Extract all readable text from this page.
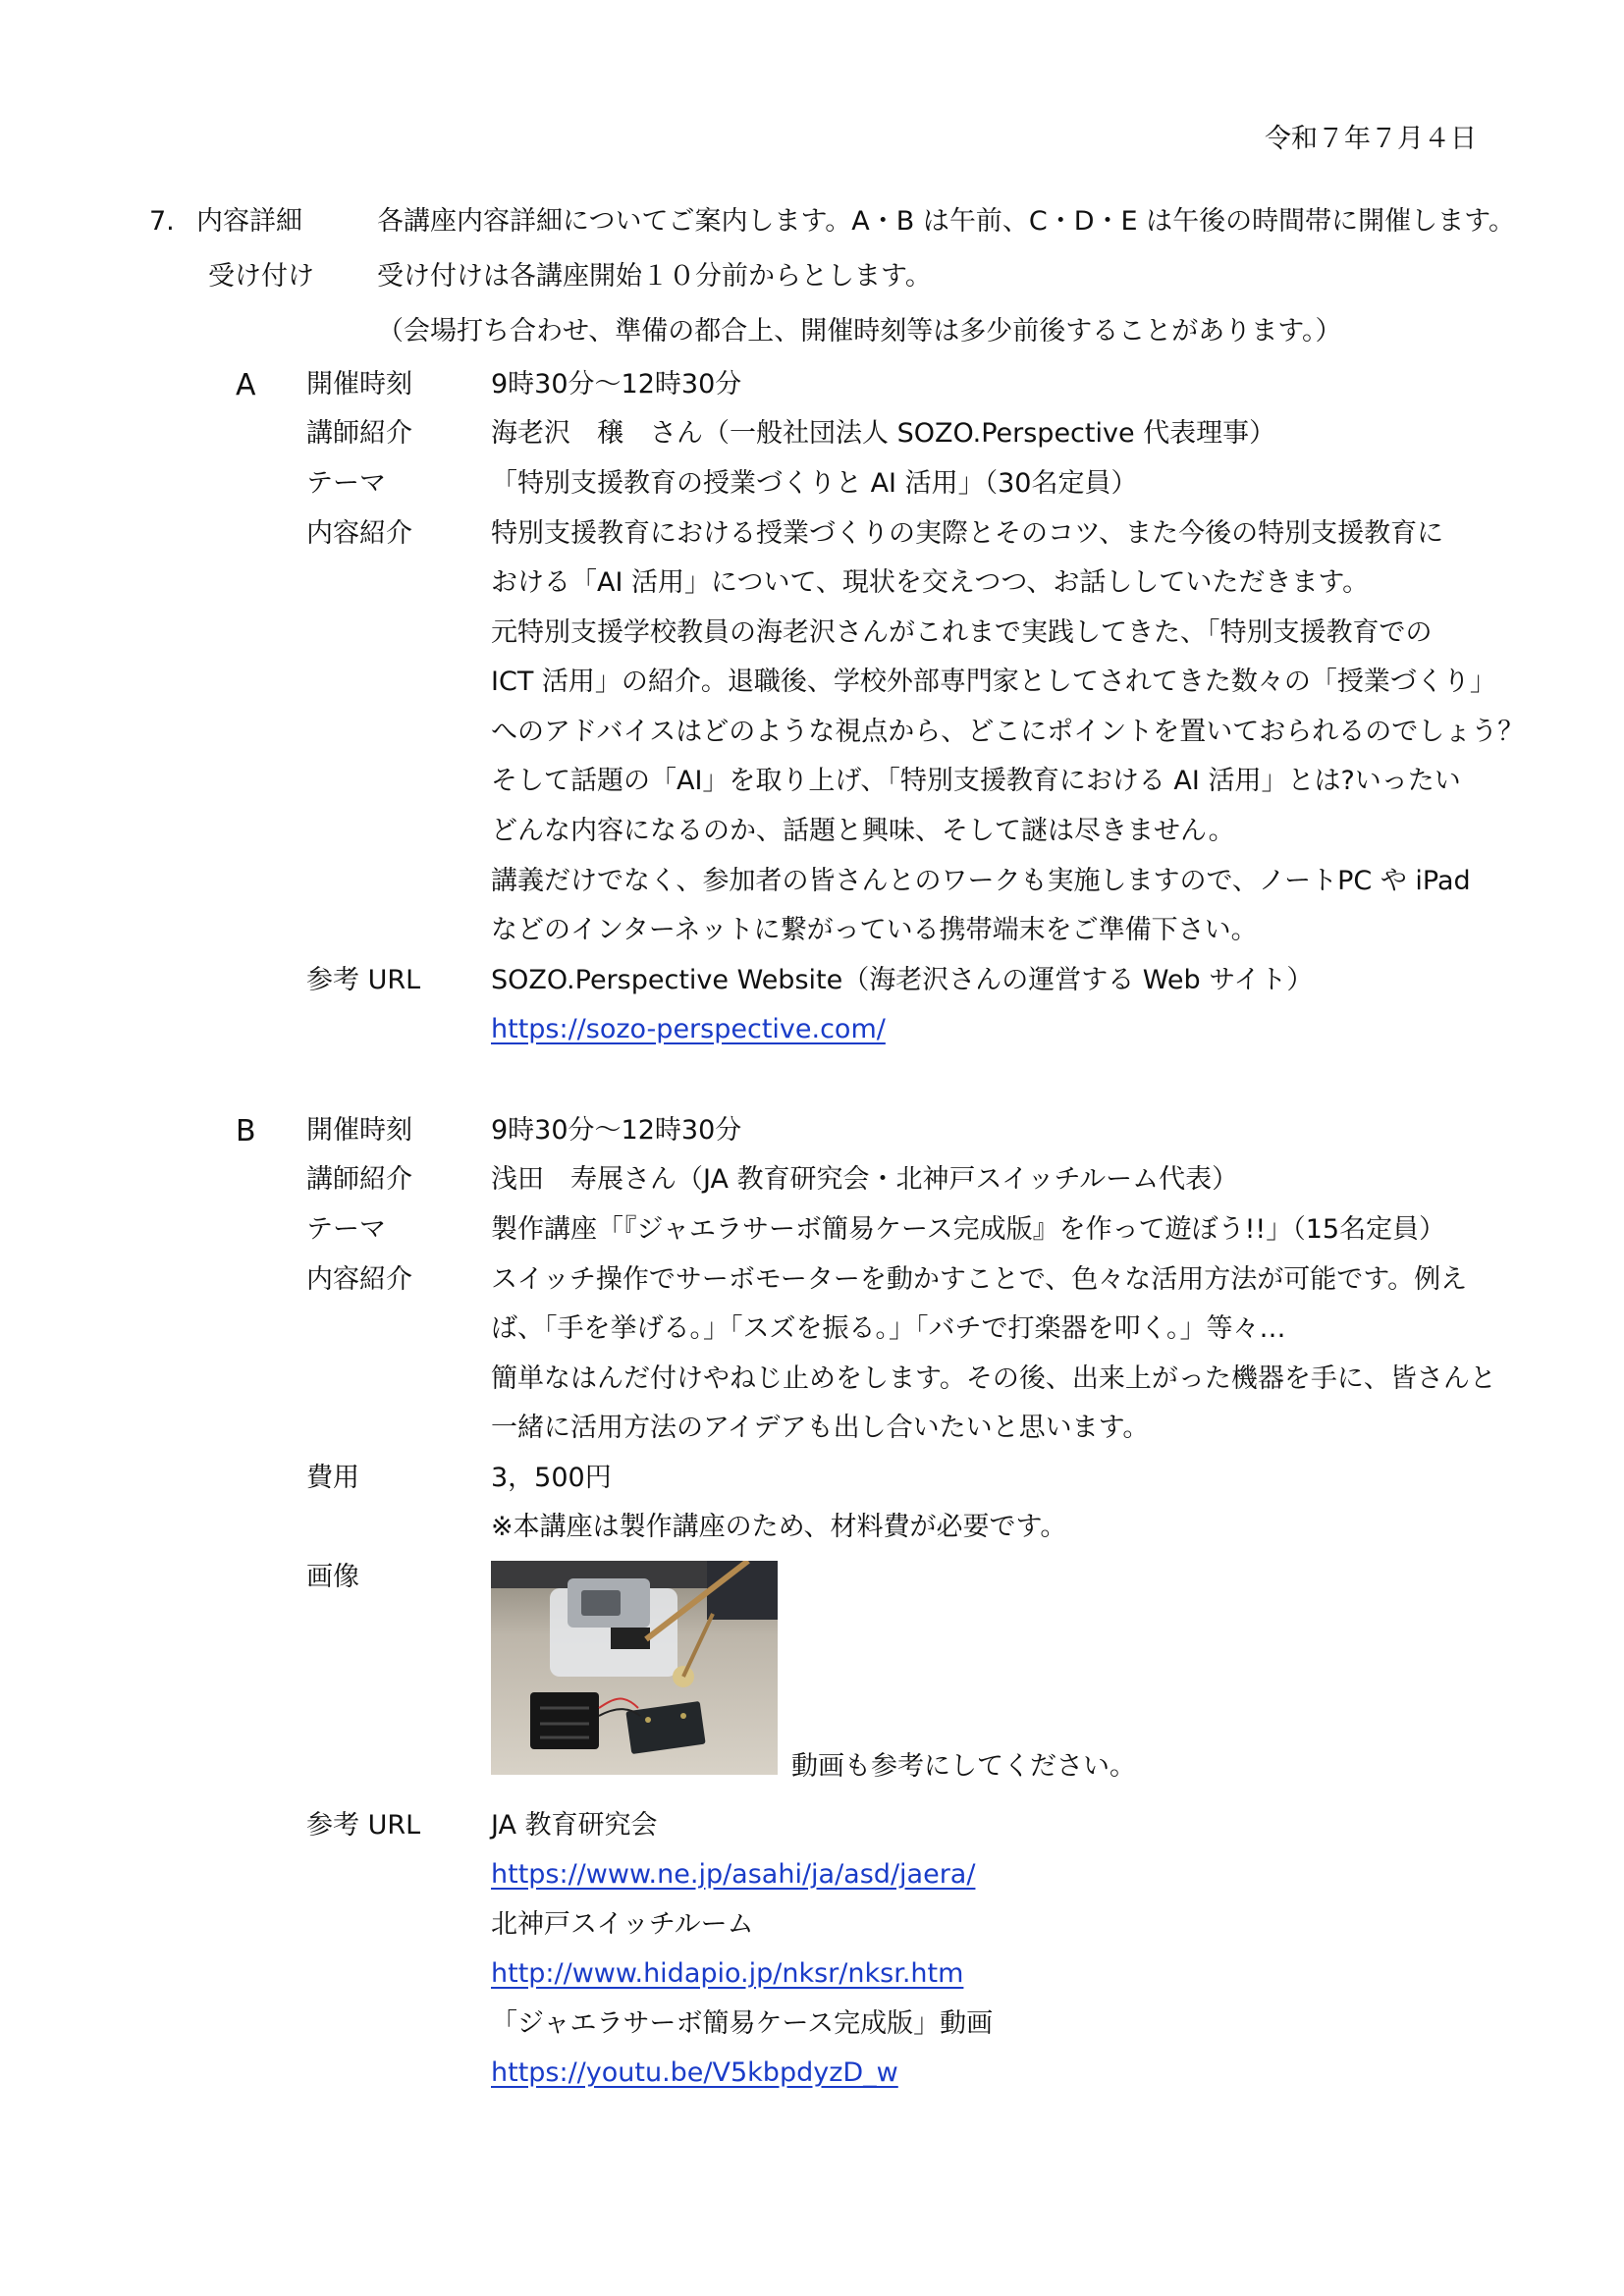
令和７年７月４日
7. 内容詳細	各講座内容詳細についてご案内します。A・B は午前、C・D・E は午後の時間帯に開催します。
受け付け 受け付けは各講座開始１０分前からとします。
（会場打ち合わせ、準備の都合上、開催時刻等は多少前後することがあります。）
A 開催時刻	9時30分～12時30分
講師紹介	海老沢　穣　さん（一般社団法人 SOZO.Perspective 代表理事）
テーマ	「特別支援教育の授業づくりと AI 活用」（30名定員）
内容紹介	特別支援教育における授業づくりの実際とそのコツ、また今後の特別支援教育に
おける「AI 活用」について、現状を交えつつ、お話ししていただきます。
元特別支援学校教員の海老沢さんがこれまで実践してきた、「特別支援教育での
ICT 活用」の紹介。退職後、学校外部専門家としてされてきた数々の「授業づくり」
へのアドバイスはどのような視点から、どこにポイントを置いておられるのでしょう？
そして話題の「AI」を取り上げ、「特別支援教育における AI 活用」とは?いったい
どんな内容になるのか、話題と興味、そして謎は尽きません。
講義だけでなく、参加者の皆さんとのワークも実施しますので、ノートPC や iPad
などのインターネットに繋がっている携帯端末をご準備下さい。
参考 URL	SOZO.Perspective Website（海老沢さんの運営する Web サイト）
https://sozo-perspective.com/
B 開催時刻	9時30分～12時30分
講師紹介	浅田　寿展さん（JA 教育研究会・北神戸スイッチルーム代表）
テーマ	製作講座「『ジャエラサーボ簡易ケース完成版』を作って遊ぼう!!」（15名定員）
内容紹介	スイッチ操作でサーボモーターを動かすことで、色々な活用方法が可能です。例え
ば、「手を挙げる。」「スズを振る。」「バチで打楽器を叩く。」等々…
簡単なはんだ付けやねじ止めをします。その後、出来上がった機器を手に、皆さんと
一緒に活用方法のアイデアも出し合いたいと思います。
費用	3，500円
※本講座は製作講座のため、材料費が必要です。
画像
動画も参考にしてください。
参考 URL	JA 教育研究会
https://www.ne.jp/asahi/ja/asd/jaera/
北神戸スイッチルーム
http://www.hidapio.jp/nksr/nksr.htm
「ジャエラサーボ簡易ケース完成版」動画
https://youtu.be/V5kbpdyzD_w
